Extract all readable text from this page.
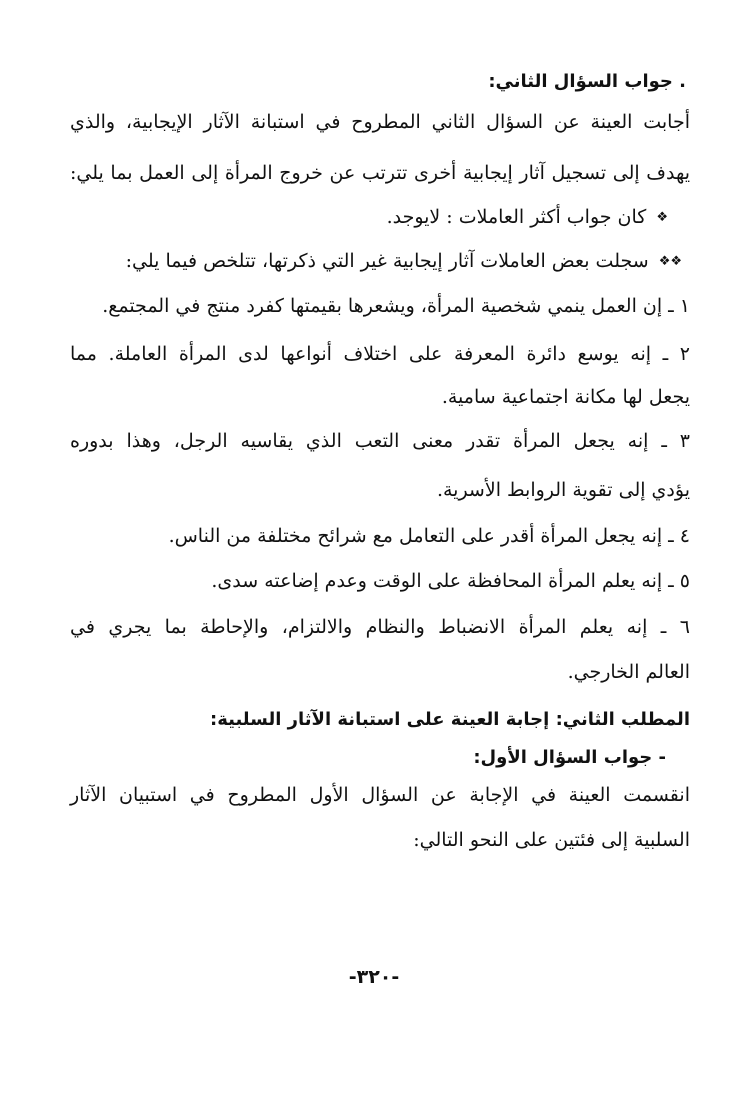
. جواب السؤال الثاني:
أجابت العينة عن السؤال الثاني المطروح في استبانة الآثار الإيجابية، والذي
يهدف إلى تسجيل آثار إيجابية أخرى تترتب عن خروج المرأة إلى العمل بما يلي:
❖كان جواب أكثر العاملات : لايوجد.
❖❖سجلت بعض العاملات آثار إيجابية غير التي ذكرتها، تتلخص فيما يلي:
١ ـ إن العمل ينمي شخصية المرأة، ويشعرها بقيمتها كفرد منتج في المجتمع.
٢ ـ إنه يوسع دائرة المعرفة على اختلاف أنواعها لدى المرأة العاملة. مما
يجعل لها مكانة اجتماعية سامية.
٣ ـ إنه يجعل المرأة تقدر معنى التعب الذي يقاسيه الرجل، وهذا بدوره
يؤدي إلى تقوية الروابط الأسرية.
٤ ـ إنه يجعل المرأة أقدر على التعامل مع شرائح مختلفة من الناس.
٥ ـ إنه يعلم المرأة المحافظة على الوقت وعدم إضاعته سدى.
٦ ـ إنه يعلم المرأة الانضباط والنظام والالتزام، والإحاطة بما يجري في
العالم الخارجي.
المطلب الثاني: إجابة العينة على استبانة الآثار السلبية:
- جواب السؤال الأول:
انقسمت العينة في الإجابة عن السؤال الأول المطروح في استبيان الآثار
السلبية إلى فئتين على النحو التالي:
-٣٢٠-
